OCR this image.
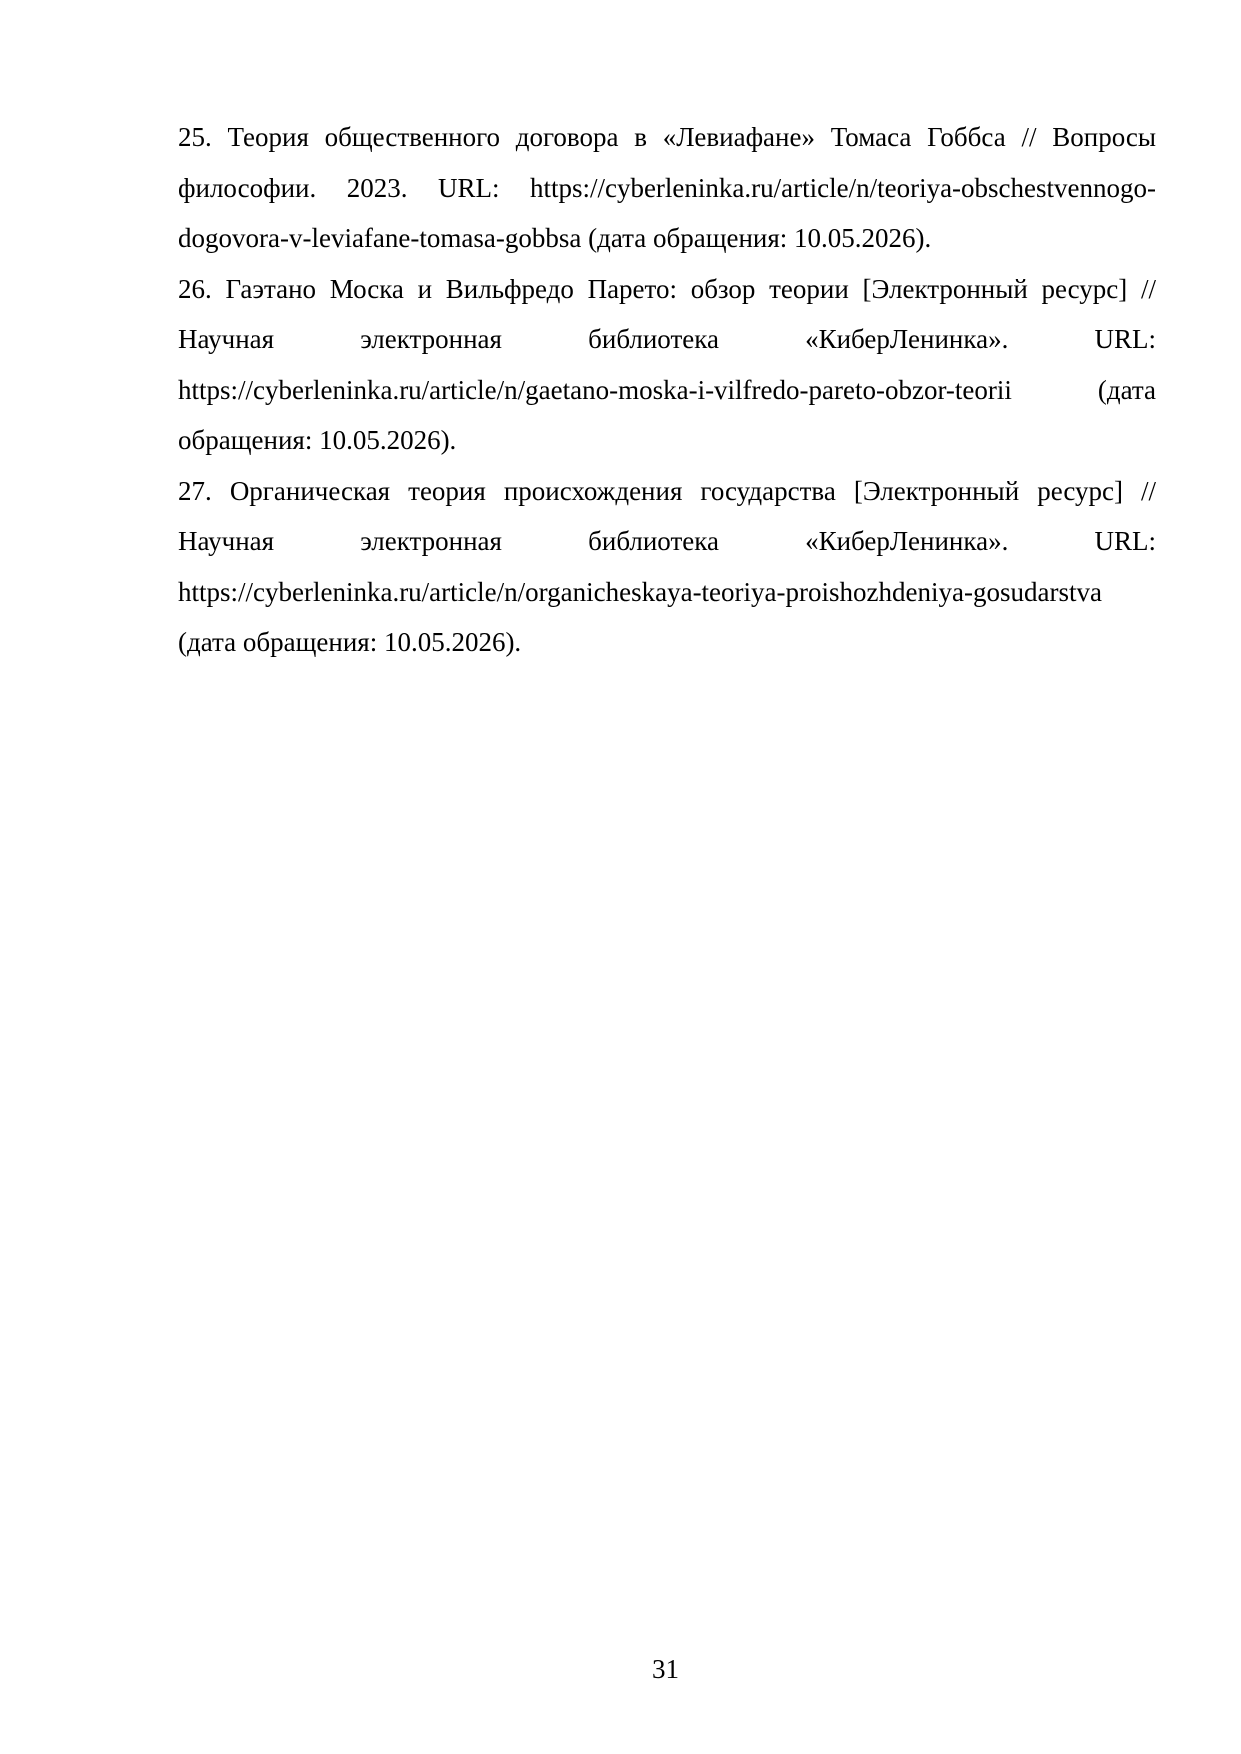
25. Теория общественного договора в «Левиафане» Томаса Гоббса // Вопросы философии. 2023. URL: https://cyberleninka.ru/article/n/teoriya-obschestvennogo-dogovora-v-leviafane-tomasa-gobbsa (дата обращения: 10.05.2026).

26. Гаэтано Моска и Вильфредо Парето: обзор теории [Электронный ресурс] // Научная электронная библиотека «КиберЛенинка». URL: https://cyberleninka.ru/article/n/gaetano-moska-i-vilfredo-pareto-obzor-teorii	(дата обращения: 10.05.2026).

27. Органическая теория происхождения государства [Электронный ресурс] // Научная электронная библиотека «КиберЛенинка». URL: https://cyberleninka.ru/article/n/organicheskaya-teoriya-proishozhdeniya-gosudarstva (дата обращения: 10.05.2026).

31
